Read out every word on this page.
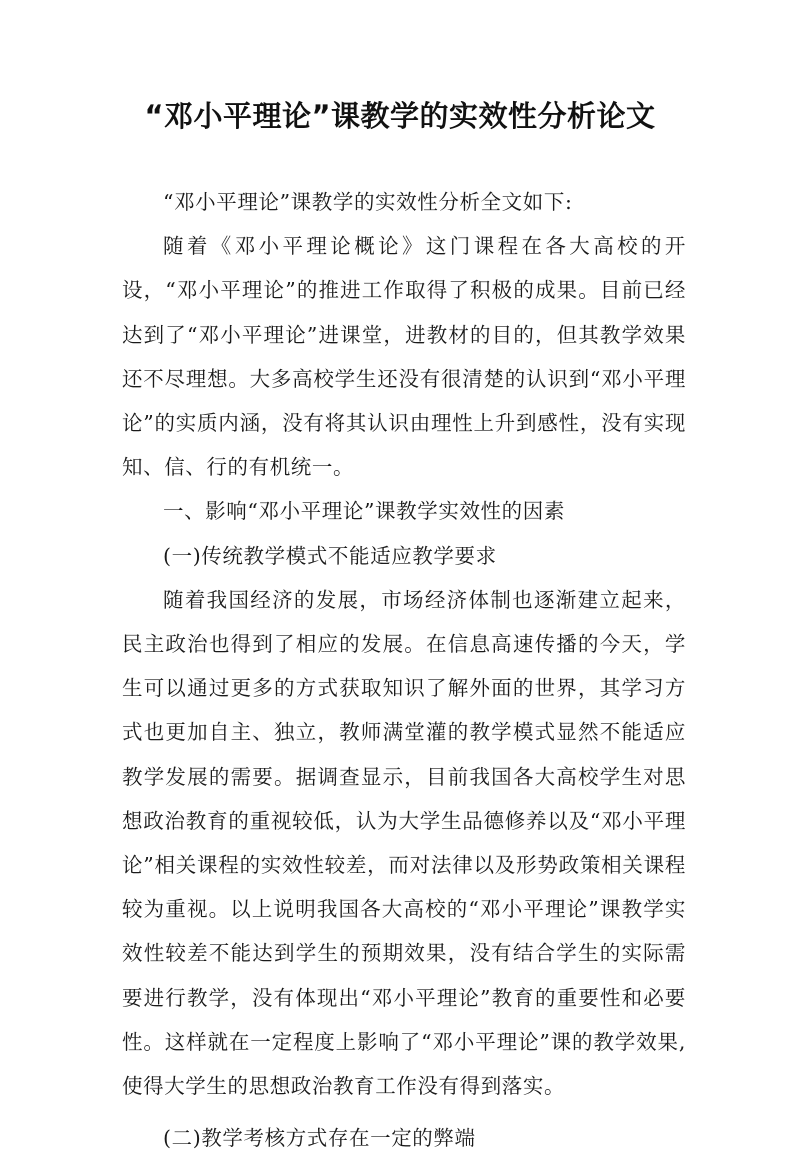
“邓小平理论”课教学的实效性分析论文

“邓小平理论”课教学的实效性分析全文如下:

随着《邓小平理论概论》这门课程在各大高校的开设，“邓小平理论”的推进工作取得了积极的成果。目前已经达到了“邓小平理论”进课堂，进教材的目的，但其教学效果还不尽理想。大多高校学生还没有很清楚的认识到“邓小平理论”的实质内涵，没有将其认识由理性上升到感性，没有实现知、信、行的有机统一。

一、影响“邓小平理论”课教学实效性的因素

(一)传统教学模式不能适应教学要求

随着我国经济的发展，市场经济体制也逐渐建立起来，民主政治也得到了相应的发展。在信息高速传播的今天，学生可以通过更多的方式获取知识了解外面的世界，其学习方式也更加自主、独立，教师满堂灌的教学模式显然不能适应教学发展的需要。据调查显示，目前我国各大高校学生对思想政治教育的重视较低，认为大学生品德修养以及“邓小平理论”相关课程的实效性较差，而对法律以及形势政策相关课程较为重视。以上说明我国各大高校的“邓小平理论”课教学实效性较差不能达到学生的预期效果，没有结合学生的实际需要进行教学，没有体现出“邓小平理论”教育的重要性和必要性。这样就在一定程度上影响了“邓小平理论”课的教学效果,使得大学生的思想政治教育工作没有得到落实。

(二)教学考核方式存在一定的弊端
